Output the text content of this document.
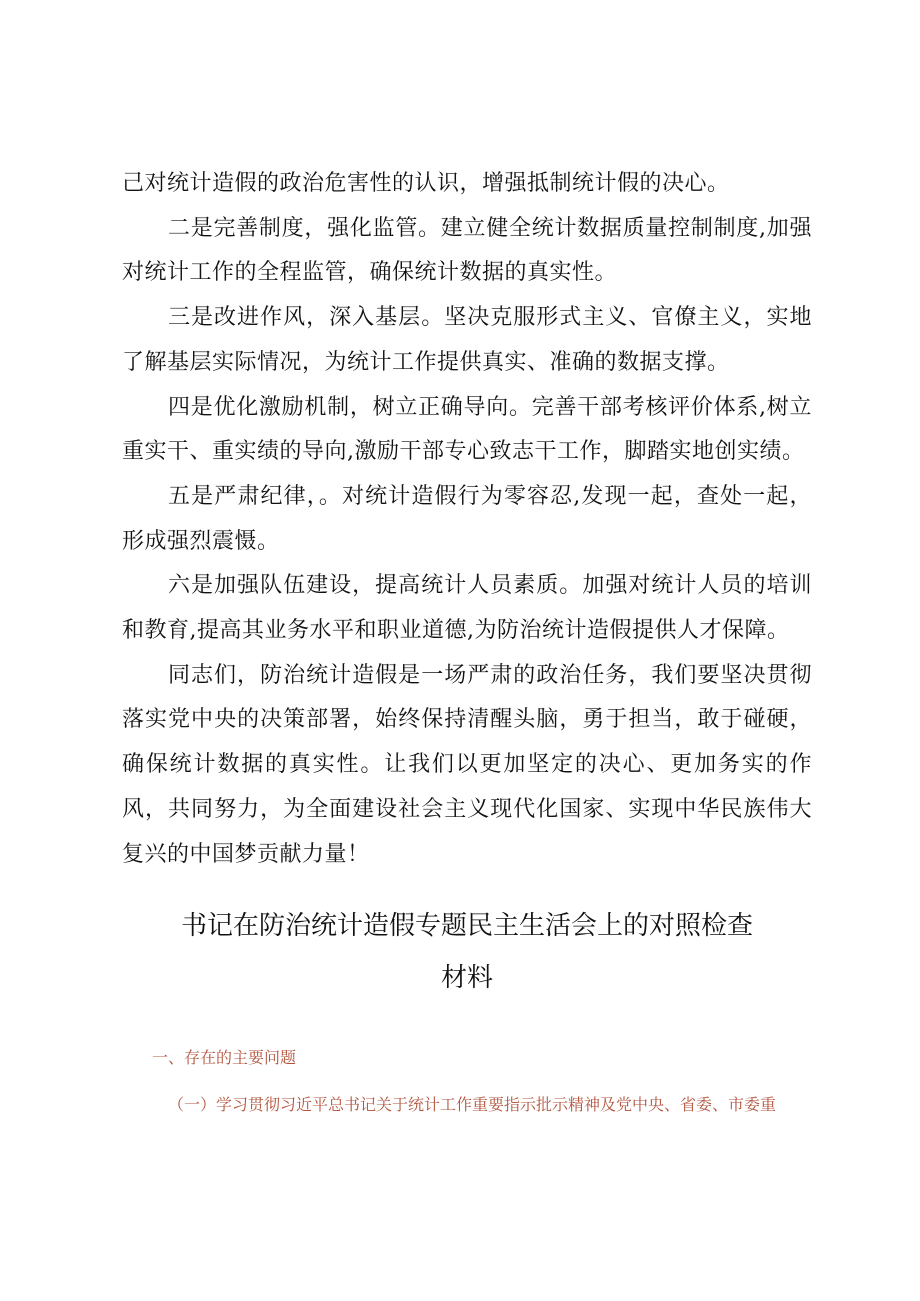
己对统计造假的政治危害性的认识，增强抵制统计假的决心。

二是完善制度，强化监管。建立健全统计数据质量控制制度,加强对统计工作的全程监管，确保统计数据的真实性。

三是改进作风，深入基层。坚决克服形式主义、官僚主义，实地了解基层实际情况，为统计工作提供真实、准确的数据支撑。

四是优化激励机制，树立正确导向。完善干部考核评价体系,树立重实干、重实绩的导向,激励干部专心致志干工作，脚踏实地创实绩。

五是严肃纪律，。对统计造假行为零容忍,发现一起，查处一起，形成强烈震慑。

六是加强队伍建设，提高统计人员素质。加强对统计人员的培训和教育,提高其业务水平和职业道德,为防治统计造假提供人才保障。

同志们，防治统计造假是一场严肃的政治任务，我们要坚决贯彻落实党中央的决策部署，始终保持清醒头脑，勇于担当，敢于碰硬，确保统计数据的真实性。让我们以更加坚定的决心、更加务实的作风，共同努力，为全面建设社会主义现代化国家、实现中华民族伟大复兴的中国梦贡献力量！

书记在防治统计造假专题民主生活会上的对照检查
材料
一、存在的主要问题
（一）学习贯彻习近平总书记关于统计工作重要指示批示精神及党中央、省委、市委重
